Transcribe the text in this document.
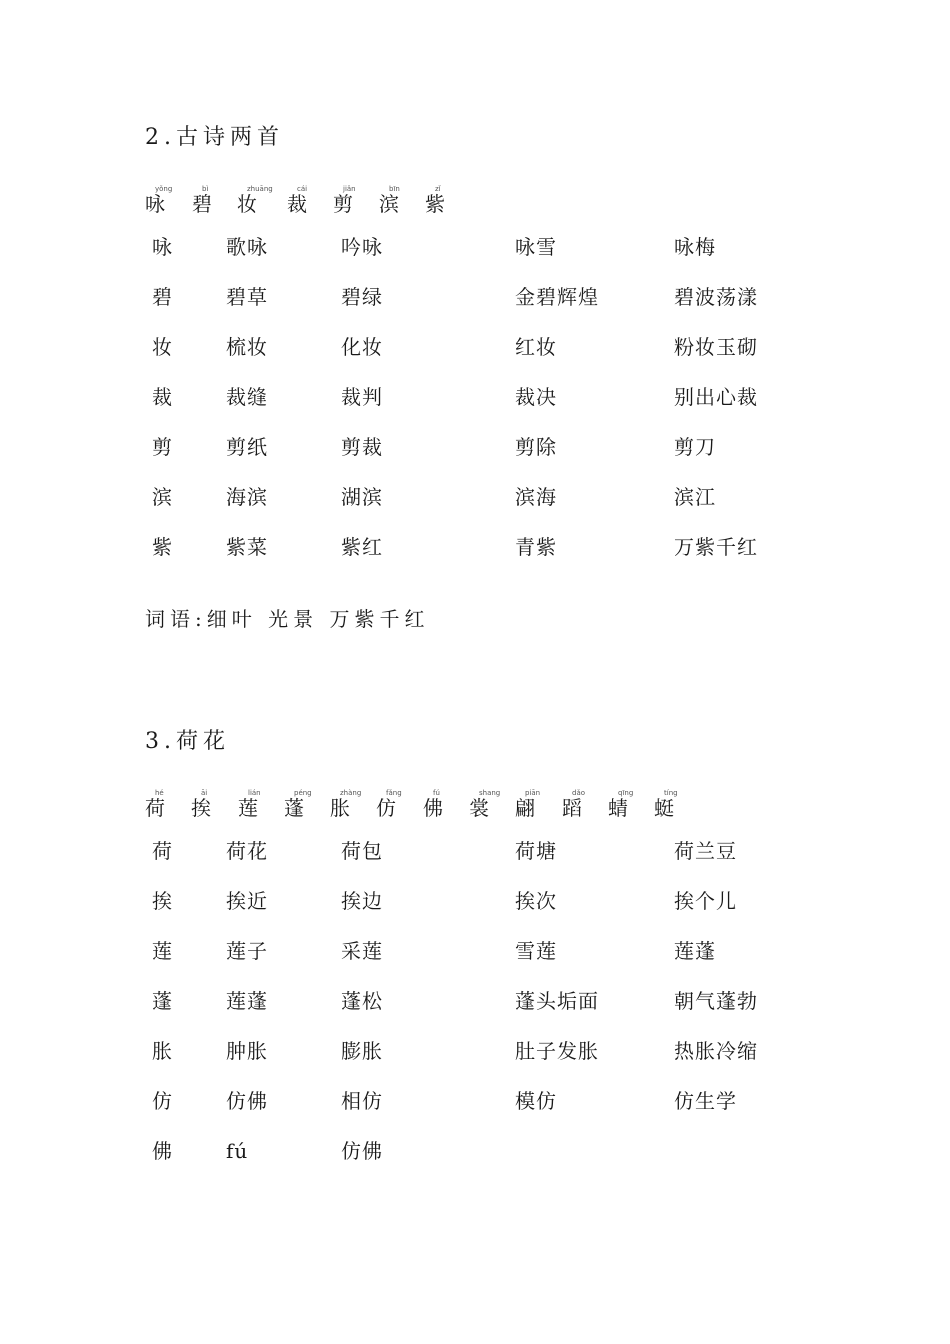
2.古诗两首
yǒng
咏
bì
碧
zhuāng
妆
cái
裁
jiǎn
剪
bīn
滨
zǐ
紫
咏	歌咏	吟咏	咏雪	咏梅
碧	碧草	碧绿	金碧辉煌	碧波荡漾
妆	梳妆	化妆	红妆	粉妆玉砌
裁	裁缝	裁判	裁决	别出心裁
剪	剪纸	剪裁	剪除	剪刀
滨	海滨	湖滨	滨海	滨江
紫	紫菜	紫红	青紫	万紫千红

词语:细叶 光景 万紫千红

3.荷花
hé
荷
āi
挨
lián
莲
péng
蓬
zhàng
胀
fǎng
仿
fú
佛
shang
裳
piān
翩
dǎo
蹈
qīng
蜻
tíng
蜓
荷	荷花	荷包	荷塘	荷兰豆
挨	挨近	挨边	挨次	挨个儿
莲	莲子	采莲	雪莲	莲蓬
蓬	莲蓬	蓬松	蓬头垢面	朝气蓬勃
胀	肿胀	膨胀	肚子发胀	热胀冷缩
仿	仿佛	相仿	模仿	仿生学
佛	fú	仿佛
